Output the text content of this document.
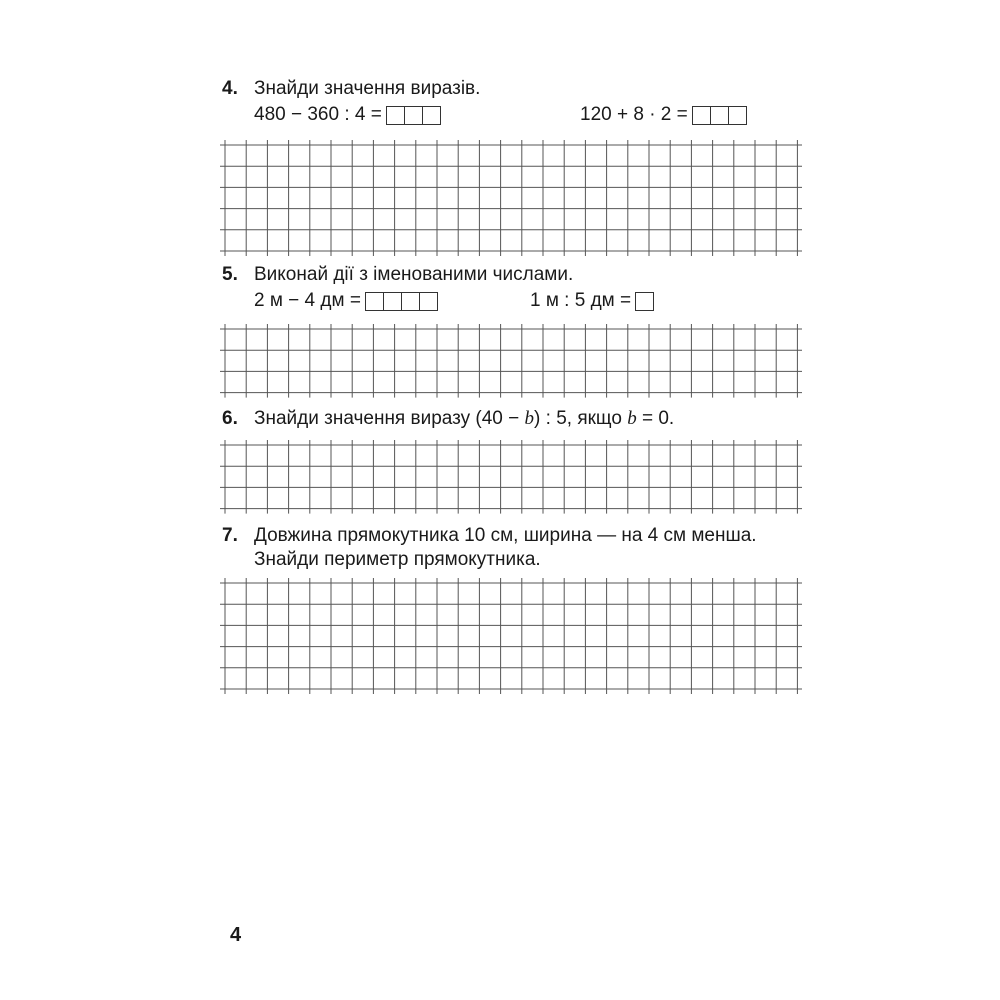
4. Знайди значення виразів.
480 − 360 : 4 =	120 + 8 · 2 =
5. Виконай дії з іменованими числами.
2 м − 4 дм =	1 м : 5 дм =
6. Знайди значення виразу (40 − b) : 5, якщо b = 0.
7. Довжина прямокутника 10 см, ширина — на 4 см менша.
Знайди периметр прямокутника.
4
